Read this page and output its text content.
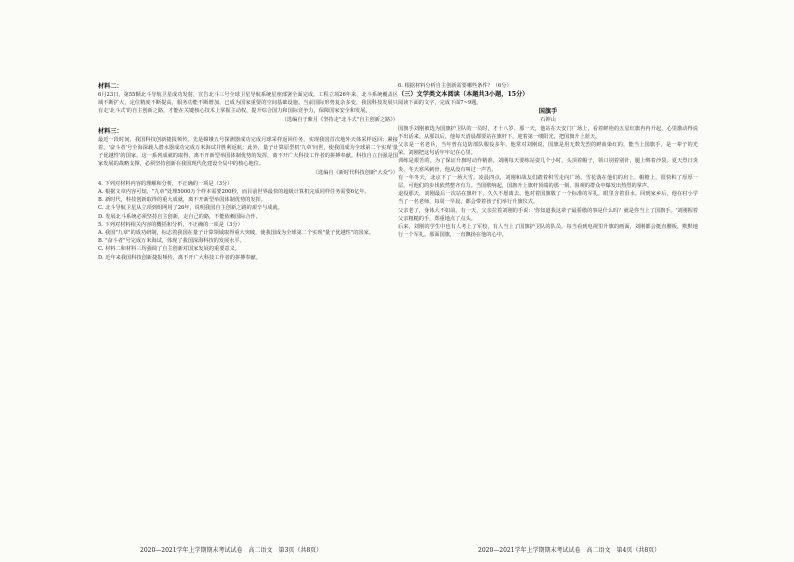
材料二：

6月23日，第55颗北斗导航卫星成功发射，宣告北斗三号全球卫星导航系统星座部署全面完成。工程立项26年来，北斗系统覆盖区域不断扩大，定位精度不断提高，服务功能不断增加，已成为国家重要的空间基础设施。当前国际形势复杂多变，我国科技发展只有走'北斗式'的自主创新之路，才能在关键核心技术上掌握主动权，提升综合国力和国际竞争力，保障国家安全和发展。

（选编自于紫月《坚持走"北斗式"自主创新之路》）

材料三：

最近一段时间，我国科技创新捷报频传。先是嫦娥五号探测器成功完成月球采样返回任务，实现我国首次地外天体采样返回；紧接着，'奋斗者'号全海深载人潜水器成功完成万米海试并胜利返航；此外，量子计算原型机'九章'问世，使我国成为全球第二个实现'量子优越性'的国家。这一系列成就的取得，离不开新型举国体制优势的发挥，离不开广大科技工作者的拼搏奉献。科技自立自强是国家发展的战略支撑，必须坚持创新在我国现代化建设全局中的核心地位。

（选编自《新时代科技创新"大众"》）

4. 下列对材料内容的理解和分析，不正确的一项是（3分）

A. 根据文章内容可知，"九章"处理5000万个样本需要200秒，而目前世界最快的超级计算机完成同样任务需要6亿年。

B. 新时代，科技创新取得的重大成就，离不开新型举国体制优势的发挥。

C. 北斗导航卫星从立项到组网用了26年，说明我国自主创新之路的艰辛与成就。

D. 发展北斗系统必须坚持自主创新，走自己的路，不能依赖国际合作。

5. 下列对材料相关内容的概括和分析，不正确的一项是（3分）

A. 我国"九章"的成功研制，标志着我国在量子计算领域取得重大突破，使我国成为全球第二个实现"量子优越性"的国家。

B. "奋斗者"号完成万米海试，体现了我国深海科技的发展水平。

C. 材料二和材料三均强调了自主创新对国家发展的重要意义。

D. 近年来我国科技创新捷报频传，离不开广大科技工作者的拼搏奉献。

6. 根据材料分析自主创新需要哪些条件？（6分）

（三）文学类文本阅读（本题共3小题，15分）

阅读下面的文字，完成下面7~9题。

国旗手

石钟山

国旗手刘刚被选为国旗护卫队的一员时，才十八岁。那一天，他站在天安门广场上，看着鲜艳的五星红旗冉冉升起，心里激动得说不出话来。从那以后，他每天清晨都要站在旗杆下，迎着第一缕阳光，把国旗升上蓝天。

父亲是一名老兵，当年曾在边防部队服役多年。他常对刘刚说，国旗是用无数先烈的鲜血染红的，能当上国旗手，是一辈子的光荣。刘刚把这句话牢牢记在心里。

训练是艰苦的。为了保证升旗时动作精准，刘刚每天要练站姿几个小时，头顶着帽子，领口别着别针，腿上绑着沙袋。夏天烈日炎炎，冬天寒风刺骨，他从没有叫过一声苦。

有一年冬天，北京下了一场大雪。凌晨四点，刘刚和战友们踏着积雪走向广场。雪花落在他们的肩上、帽檐上，很快积了厚厚一层，可他们的步伐依然整齐有力。当国歌响起，国旗升上旗杆顶端的那一刻，围观的群众中爆发出热烈的掌声。

退役那天，刘刚最后一次站在旗杆下，久久不愿离去。他对着国旗敬了一个标准的军礼，眼里含着泪水。回到家乡后，他在村小学当了一名老师，每周一早晨，都会带着孩子们举行升旗仪式。

父亲老了，身体大不如前。有一天，父亲拉着刘刚的手说：'你知道我这辈子最骄傲的事是什么吗？就是你当上了国旗手。'刘刚握着父亲粗糙的手，郑重地点了点头。

后来，刘刚的学生中也有人考上了军校，有人当上了国旗护卫队的队员。每当看到电视里升旗的画面，刘刚都会挺直腰板，默默地行一个军礼。那面国旗，一直飘扬在他的心中。

2020—2021学年上学期期末考试试卷　高二语文　第3页（共8页）	2020—2021学年上学期期末考试试卷　高二语文　第4页（共8页）
